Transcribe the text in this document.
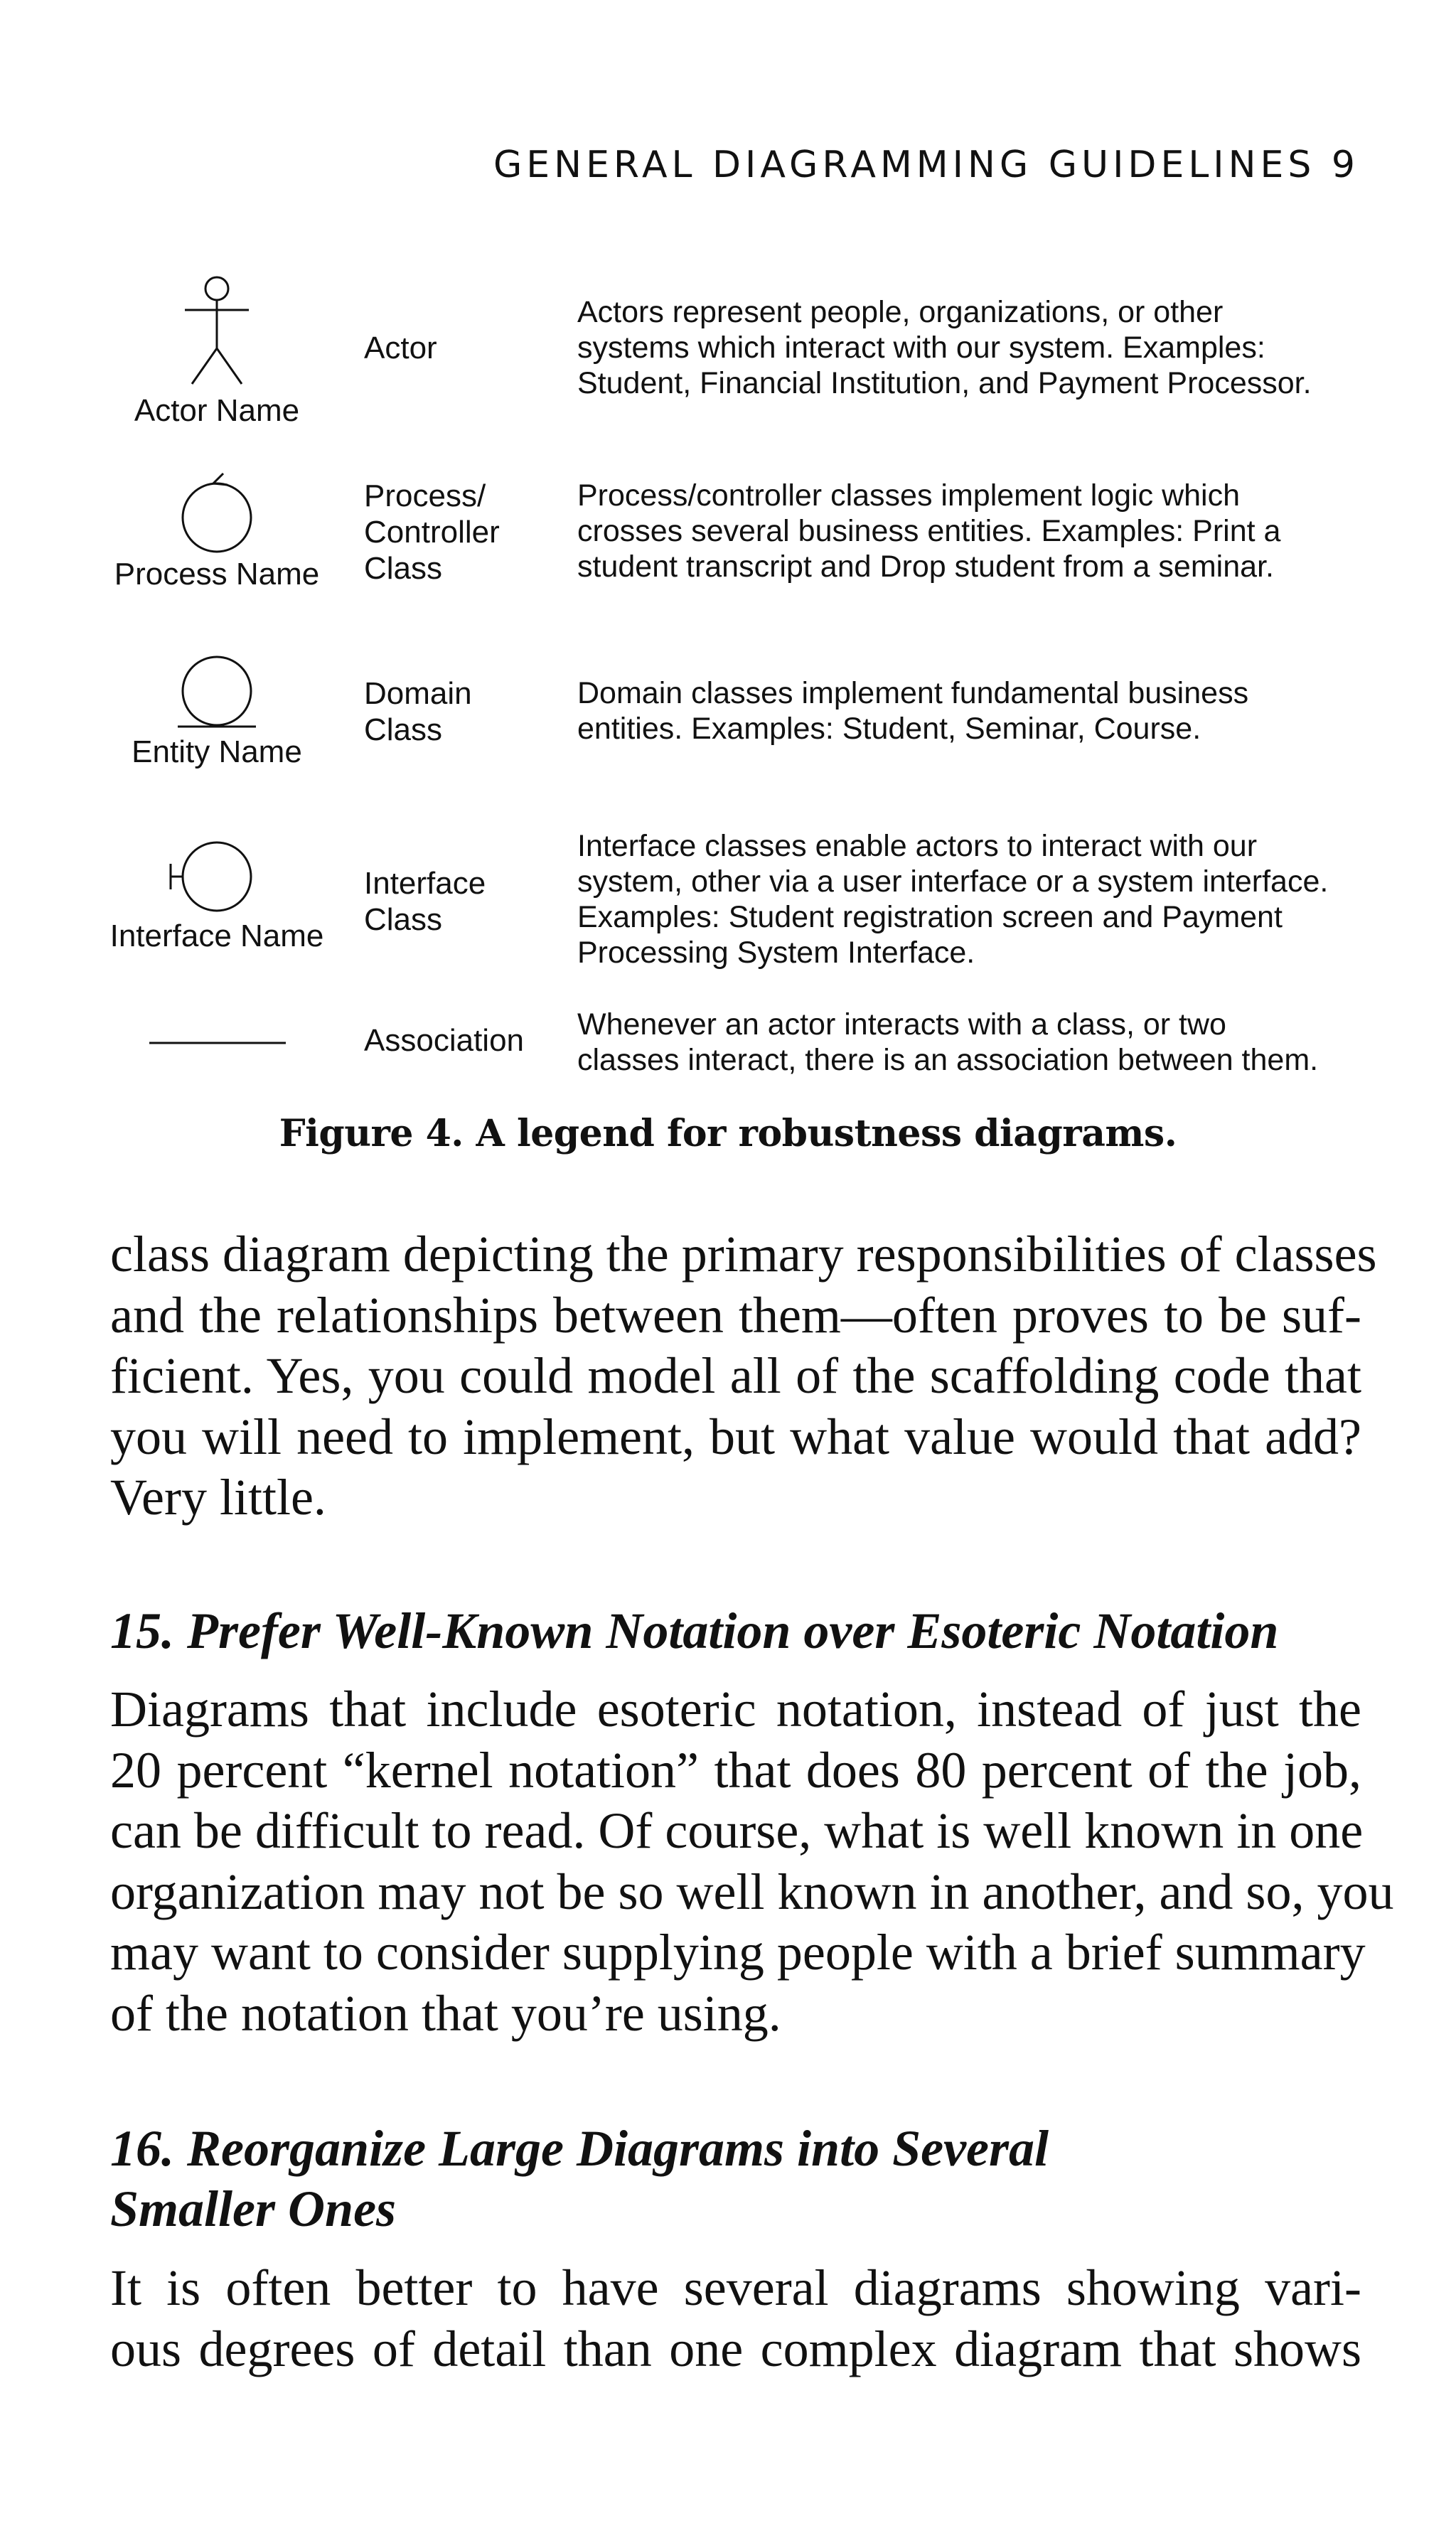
GENERAL DIAGRAMMING GUIDELINES 9
Actor Name
Actor
Actors represent people, organizations, or other
systems which interact with our system. Examples:
Student, Financial Institution, and Payment Processor.
Process Name
Process/
Controller
Class
Process/controller classes implement logic which
crosses several business entities. Examples: Print a
student transcript and Drop student from a seminar.
Entity Name
Domain
Class
Domain classes implement fundamental business
entities. Examples: Student, Seminar, Course.
Interface Name
Interface
Class
Interface classes enable actors to interact with our
system, other via a user interface or a system interface.
Examples: Student registration screen and Payment
Processing System Interface.
Association	Whenever an actor interacts with a class, or two
classes interact, there is an association between them.
Figure 4. A legend for robustness diagrams.
class diagram depicting the primary responsibilities of classes
and the relationships between them—often proves to be suf-
ficient. Yes, you could model all of the scaffolding code that
you will need to implement, but what value would that add?
Very little.
15. Prefer Well-Known Notation over Esoteric Notation
Diagrams that include esoteric notation, instead of just the
20 percent “kernel notation” that does 80 percent of the job,
can be difficult to read. Of course, what is well known in one
organization may not be so well known in another, and so, you
may want to consider supplying people with a brief summary
of the notation that you’re using.
16. Reorganize Large Diagrams into Several
Smaller Ones
It is often better to have several diagrams showing vari-
ous degrees of detail than one complex diagram that shows
